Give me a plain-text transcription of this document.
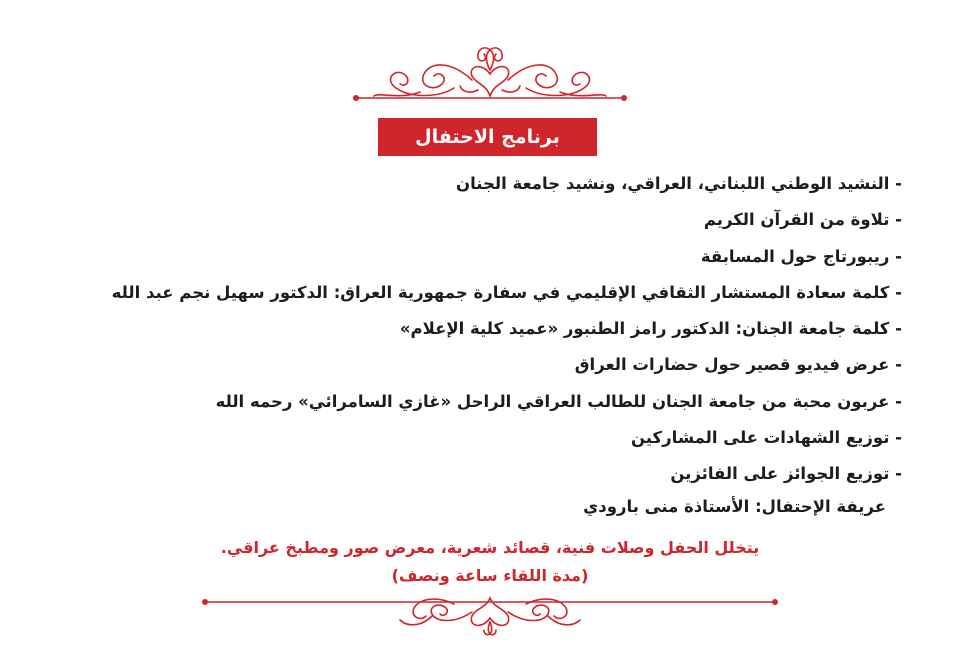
برنامج الاحتفال
- النشيد الوطني اللبناني، العراقي، ونشيد جامعة الجنان
- تلاوة من القرآن الكريم
- ريبورتاج حول المسابقة
- كلمة سعادة المستشار الثقافي الإقليمي في سفارة جمهورية العراق: الدكتور سهيل نجم عبد الله
- كلمة جامعة الجنان: الدكتور رامز الطنبور «عميد كلية الإعلام»
- عرض فيديو قصير حول حضارات العراق
- عربون محبة من جامعة الجنان للطالب العراقي الراحل «غازي السامرائي» رحمه الله
- توزيع الشهادات على المشاركين
- توزيع الجوائز على الفائزين
عريفة الإحتفال: الأستاذة منى بارودي
يتخلل الحفل وصلات فنية، قصائد شعرية، معرض صور ومطبخ عراقي.
(مدة اللقاء ساعة ونصف)
